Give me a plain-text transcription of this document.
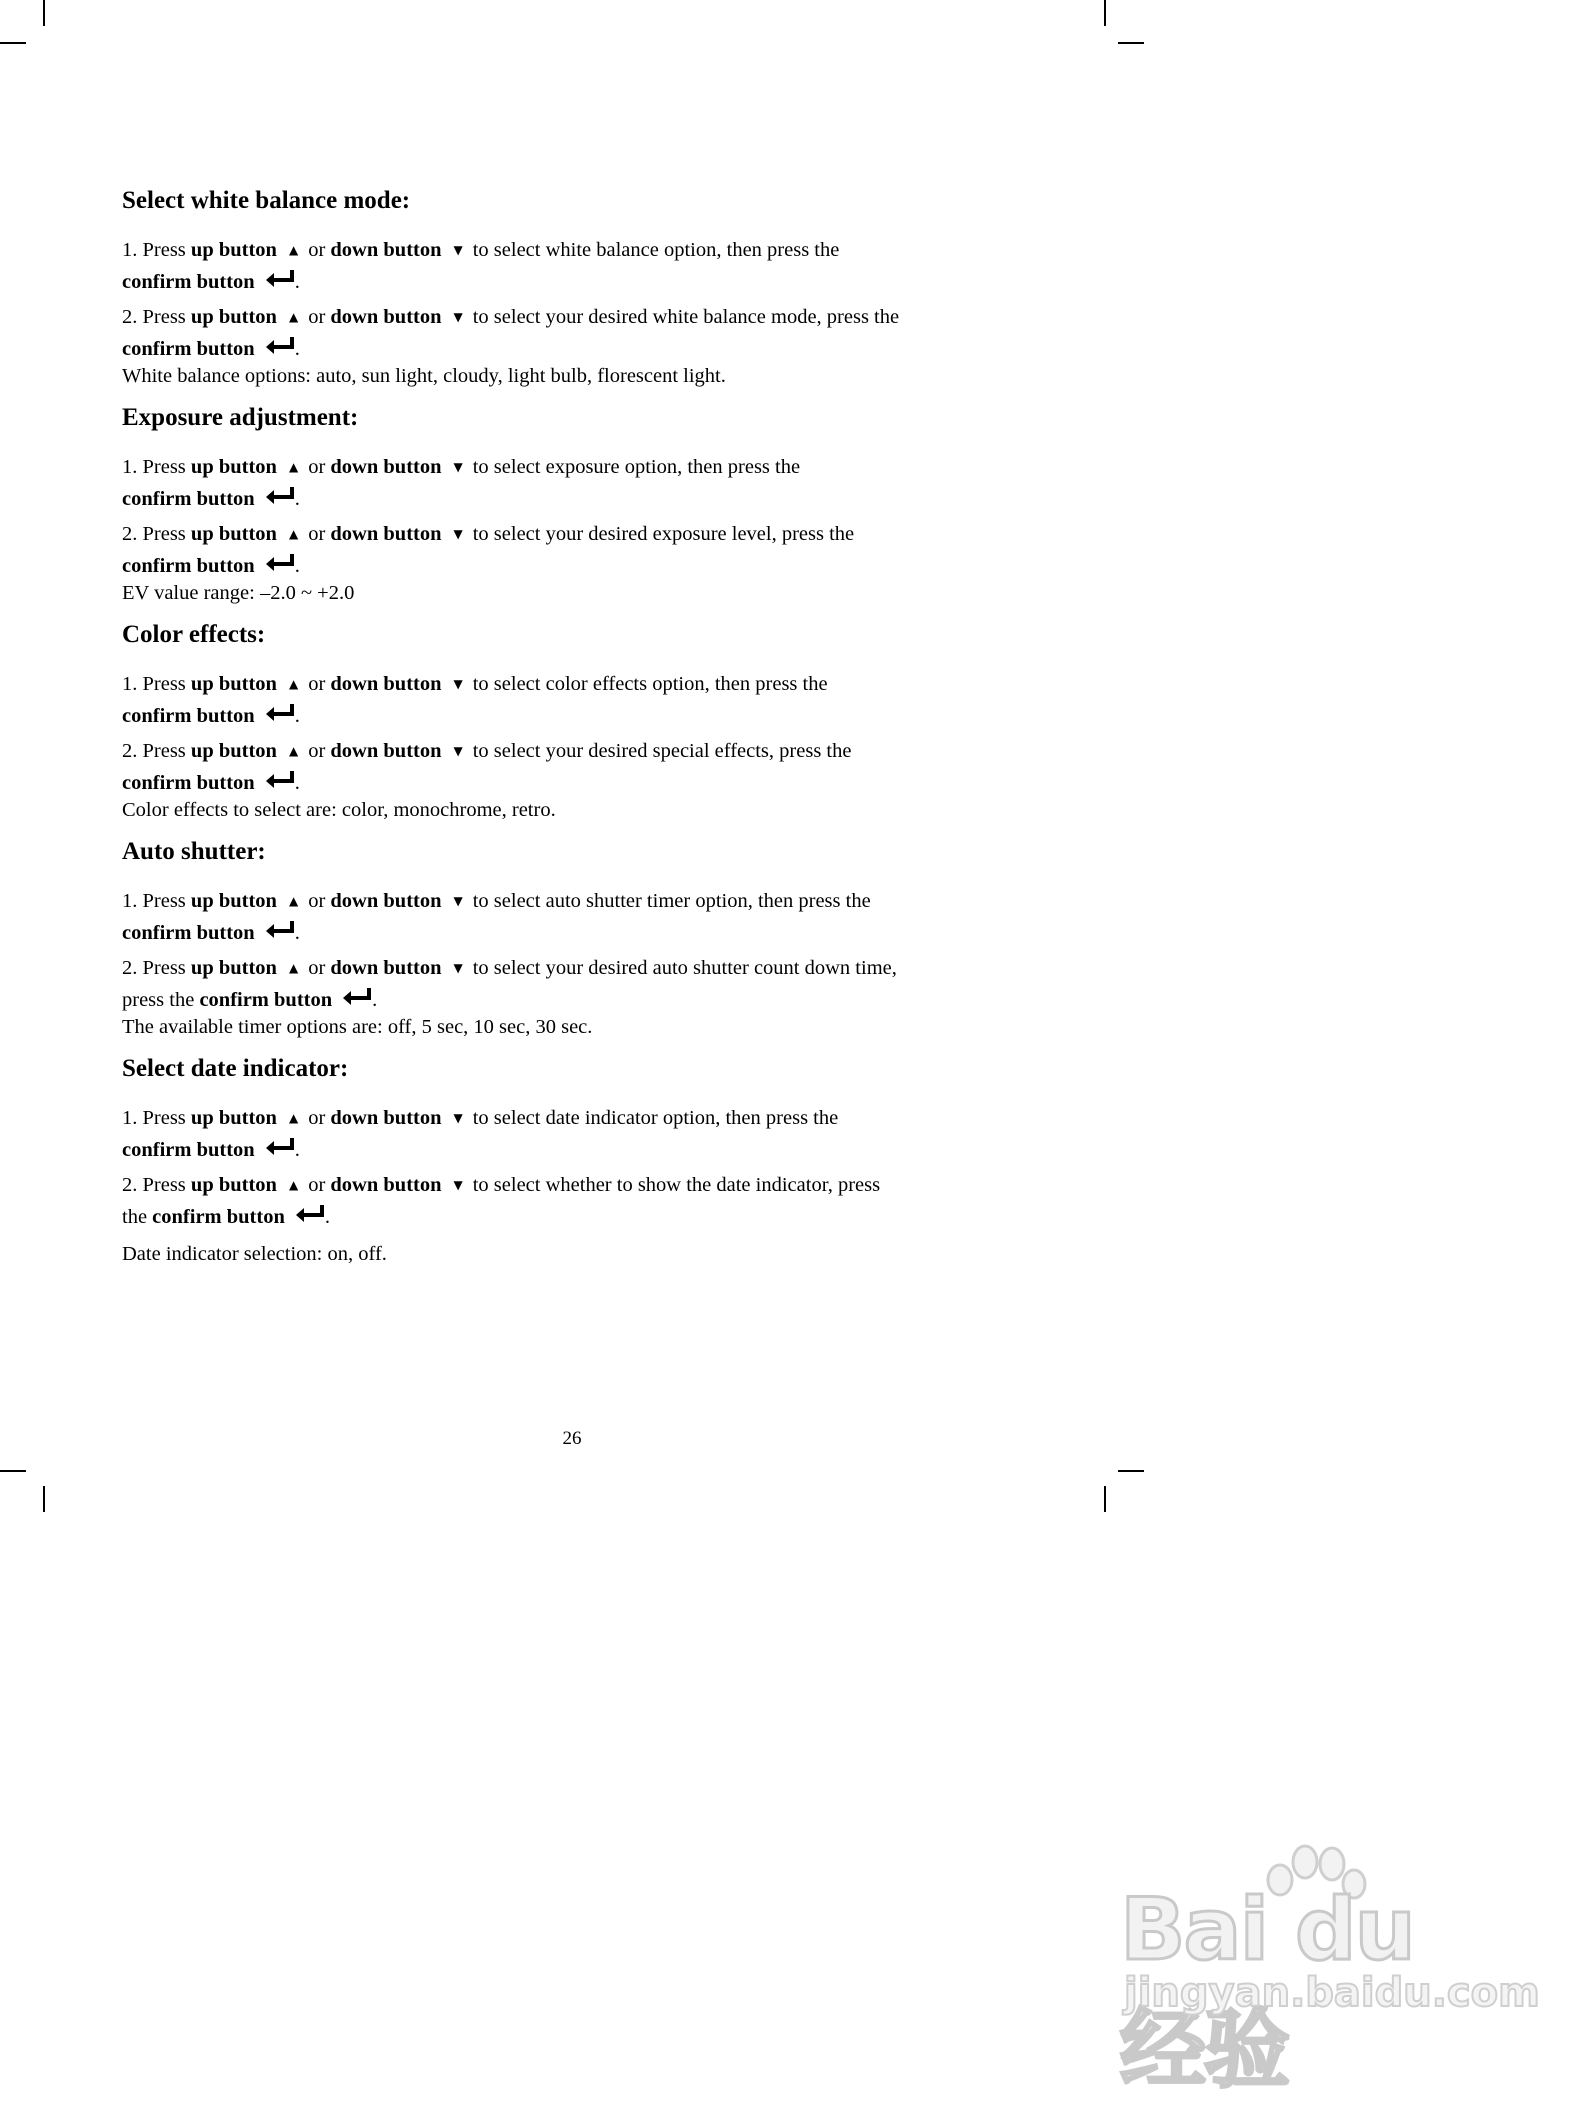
Select white balance mode:

1. Press up button ▲ or down button ▼ to select white balance option, then press the
confirm button .

2. Press up button ▲ or down button ▼ to select your desired white balance mode, press the
confirm button .

White balance options: auto, sun light, cloudy, light bulb, florescent light.

Exposure adjustment:

1. Press up button ▲ or down button ▼ to select exposure option, then press the
confirm button .

2. Press up button ▲ or down button ▼ to select your desired exposure level, press the
confirm button .

EV value range: –2.0 ~ +2.0

Color effects:

1. Press up button ▲ or down button ▼ to select color effects option, then press the
confirm button .

2. Press up button ▲ or down button ▼ to select your desired special effects, press the
confirm button .

Color effects to select are: color, monochrome, retro.

Auto shutter:

1. Press up button ▲ or down button ▼ to select auto shutter timer option, then press the
confirm button .

2. Press up button ▲ or down button ▼ to select your desired auto shutter count down time,
press the confirm button .

The available timer options are: off, 5 sec, 10 sec, 30 sec.

Select date indicator:

1. Press up button ▲ or down button ▼ to select date indicator option, then press the
confirm button .

2. Press up button ▲ or down button ▼ to select whether to show the date indicator, press
the confirm button .

Date indicator selection: on, off.

26
Bai du 经验
jingyan.baidu.com
